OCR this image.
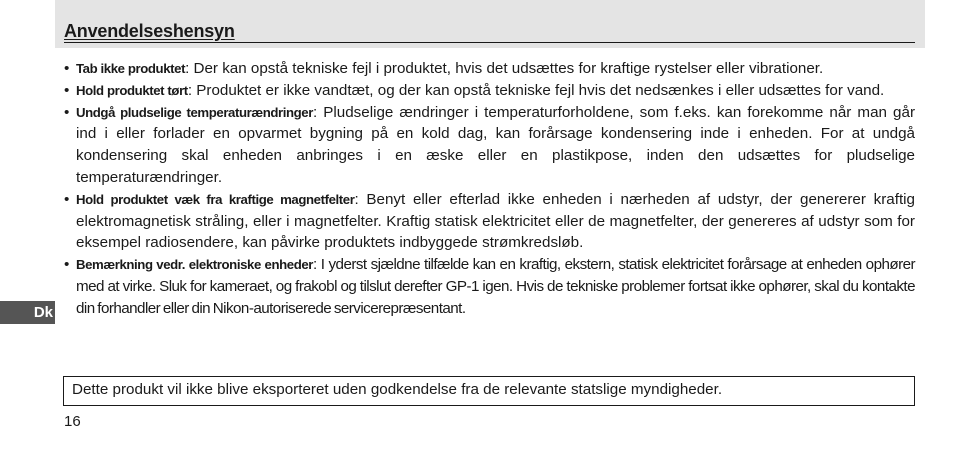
Anvendelseshensyn
• Tab ikke produktet: Der kan opstå tekniske fejl i produktet, hvis det udsættes for kraftige rystelser eller vibrationer.
• Hold produktet tørt: Produktet er ikke vandtæt, og der kan opstå tekniske fejl hvis det nedsænkes i eller udsættes for vand.
• Undgå pludselige temperaturændringer: Pludselige ændringer i temperaturforholdene, som f.eks. kan forekomme når man går ind i eller forlader en opvarmet bygning på en kold dag, kan forårsage kondensering inde i enheden. For at undgå kondensering skal enheden anbringes i en æske eller en plastikpose, inden den udsættes for pludselige temperaturændringer.
• Hold produktet væk fra kraftige magnetfelter: Benyt eller efterlad ikke enheden i nærheden af udstyr, der genererer kraftig elektromagnetisk stråling, eller i magnetfelter. Kraftig statisk elektricitet eller de magnetfelter, der genereres af udstyr som for eksempel radiosendere, kan påvirke produktets indbyggede strømkredsløb.
• Bemærkning vedr. elektroniske enheder: I yderst sjældne tilfælde kan en kraftig, ekstern, statisk elektricitet forårsage at enheden ophører med at virke. Sluk for kameraet, og frakobl og tilslut derefter GP-1 igen. Hvis de tekniske problemer fortsat ikke ophører, skal du kontakte din forhandler eller din Nikon-autoriserede servicerepræsentant.
Dk
Dette produkt vil ikke blive eksporteret uden godkendelse fra de relevante statslige myndigheder.
16
